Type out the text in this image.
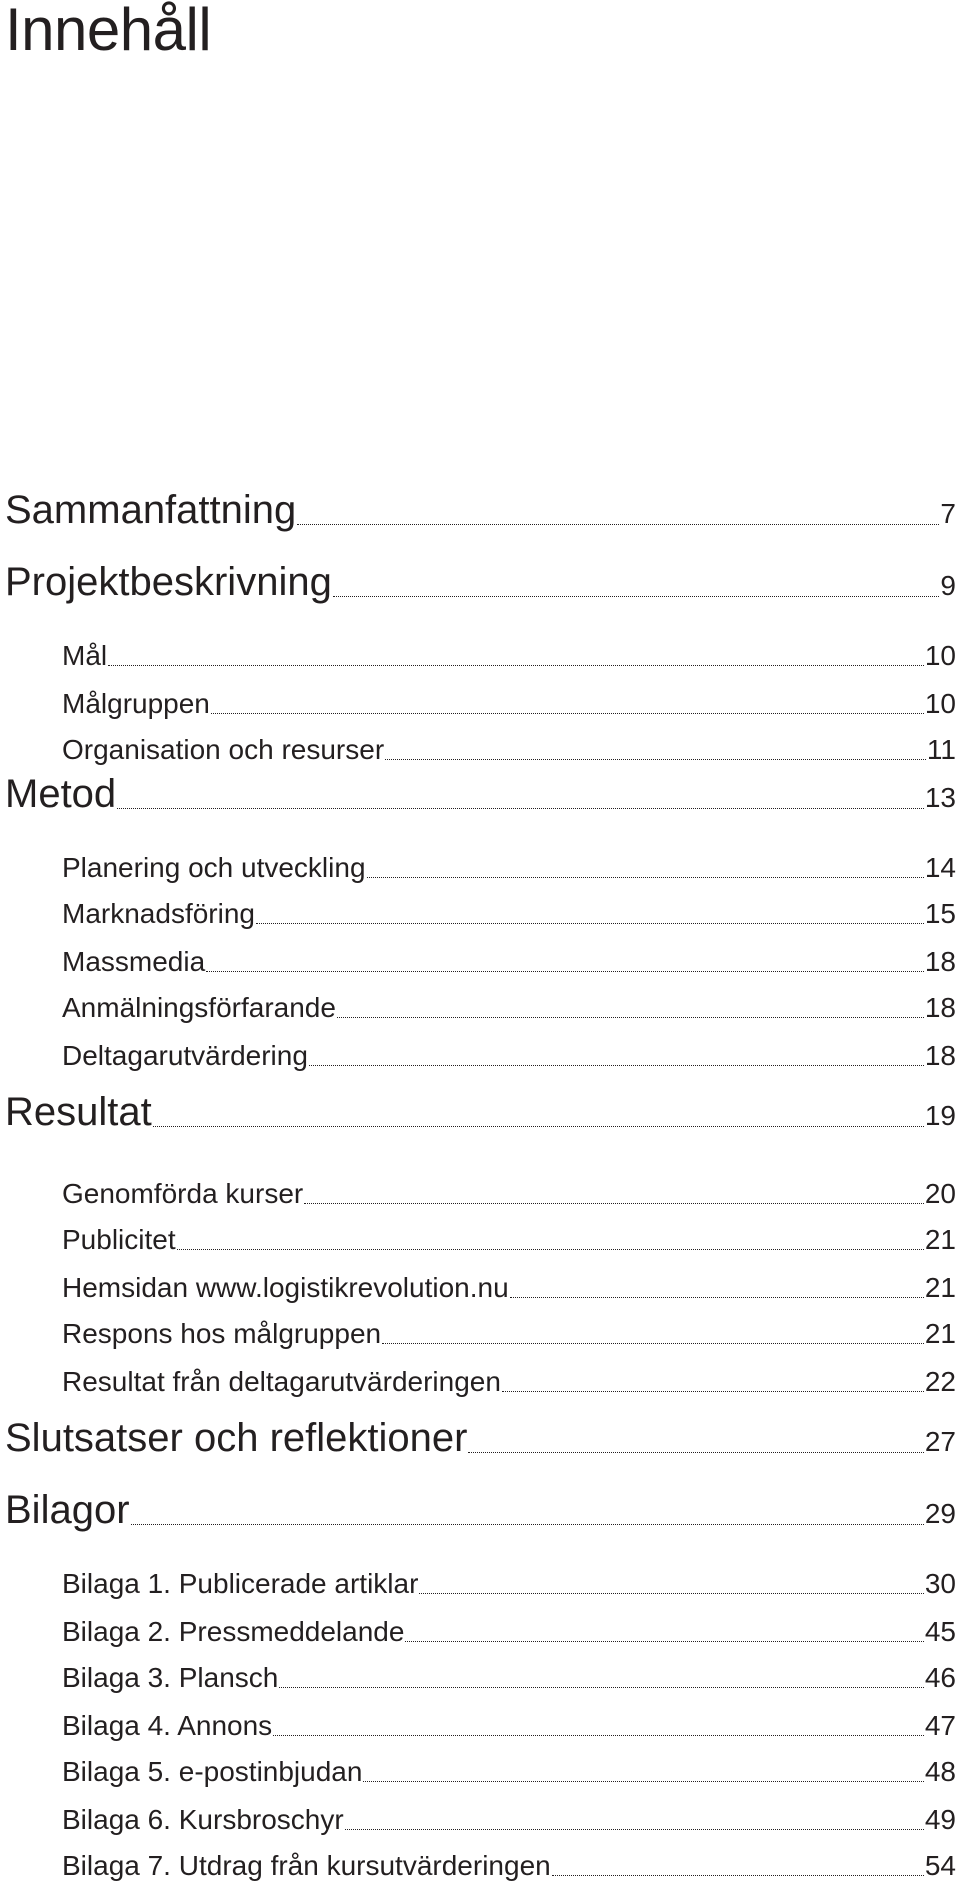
Innehåll
Sammanfattning	7
Projektbeskrivning	9
Mål	10
Målgruppen	10
Organisation och resurser	11
Metod	13
Planering och utveckling	14
Marknadsföring	15
Massmedia	18
Anmälningsförfarande	18
Deltagarutvärdering	18
Resultat	19
Genomförda kurser	20
Publicitet	21
Hemsidan www.logistikrevolution.nu	21
Respons hos målgruppen	21
Resultat från deltagarutvärderingen	22
Slutsatser och reflektioner	27
Bilagor	29
Bilaga 1. Publicerade artiklar	30
Bilaga 2. Pressmeddelande	45
Bilaga 3. Plansch	46
Bilaga 4. Annons	47
Bilaga 5. e-postinbjudan	48
Bilaga 6. Kursbroschyr	49
Bilaga 7. Utdrag från kursutvärderingen	54
